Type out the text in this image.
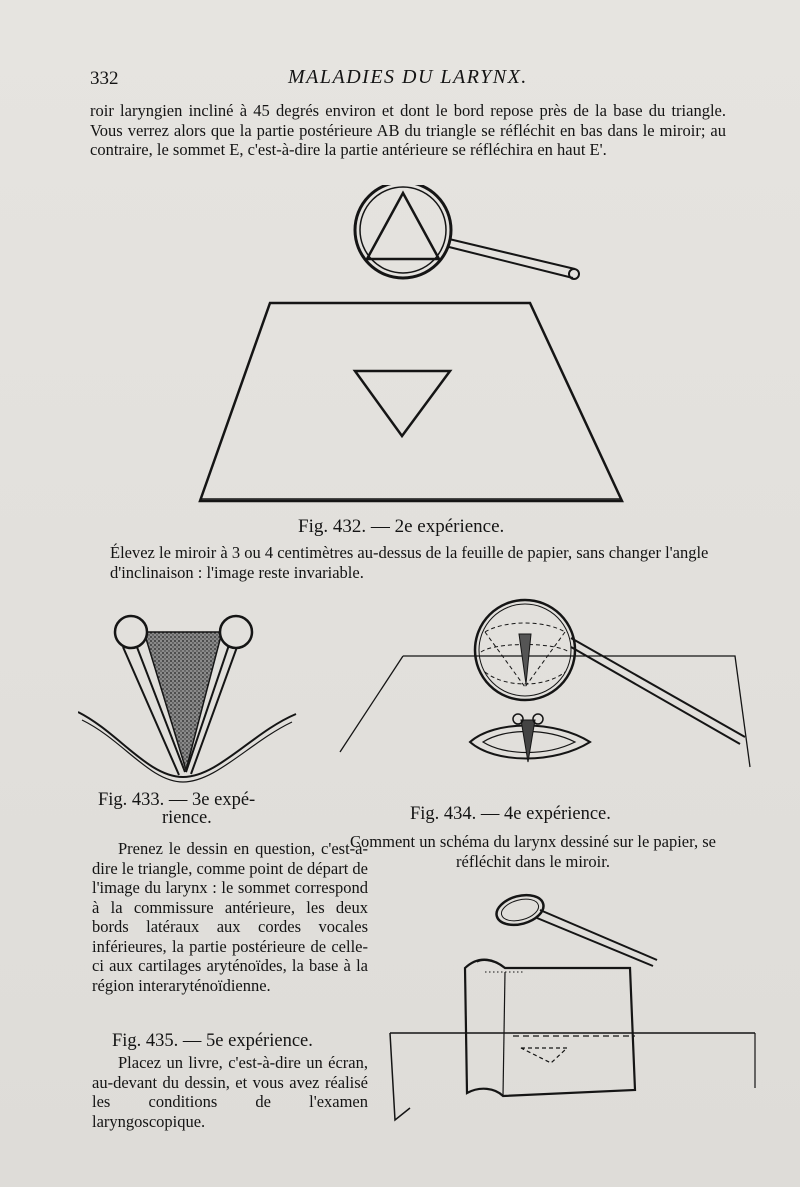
332	MALADIES DU LARYNX.

roir laryngien incliné à 45 degrés environ et dont le bord repose près de la base du triangle. Vous verrez alors que la partie postérieure AB du triangle se réfléchit en bas dans le miroir; au contraire, le sommet E, c'est-à-dire la partie antérieure se réfléchira en haut E'.

Fig. 432. — 2e expérience.

Élevez le miroir à 3 ou 4 centimètres au-dessus de la feuille de papier, sans changer l'angle d'inclinaison : l'image reste invariable.

Fig. 433. — 3e expé-
rience.	Fig. 434. — 4e expérience.

Comment un schéma du larynx dessiné sur le papier, se réfléchit dans le miroir.

Prenez le dessin en question, c'est-à-dire le triangle, comme point de départ de l'image du larynx : le sommet correspond à la commissure antérieure, les deux bords latéraux aux cordes vocales inférieures, la partie postérieure de celle-ci aux cartilages aryténoïdes, la base à la région interaryténoïdienne.

Fig. 435. — 5e expérience.

Placez un livre, c'est-à-dire un écran, au-devant du dessin, et vous avez réalisé les conditions de l'examen laryngoscopique.
